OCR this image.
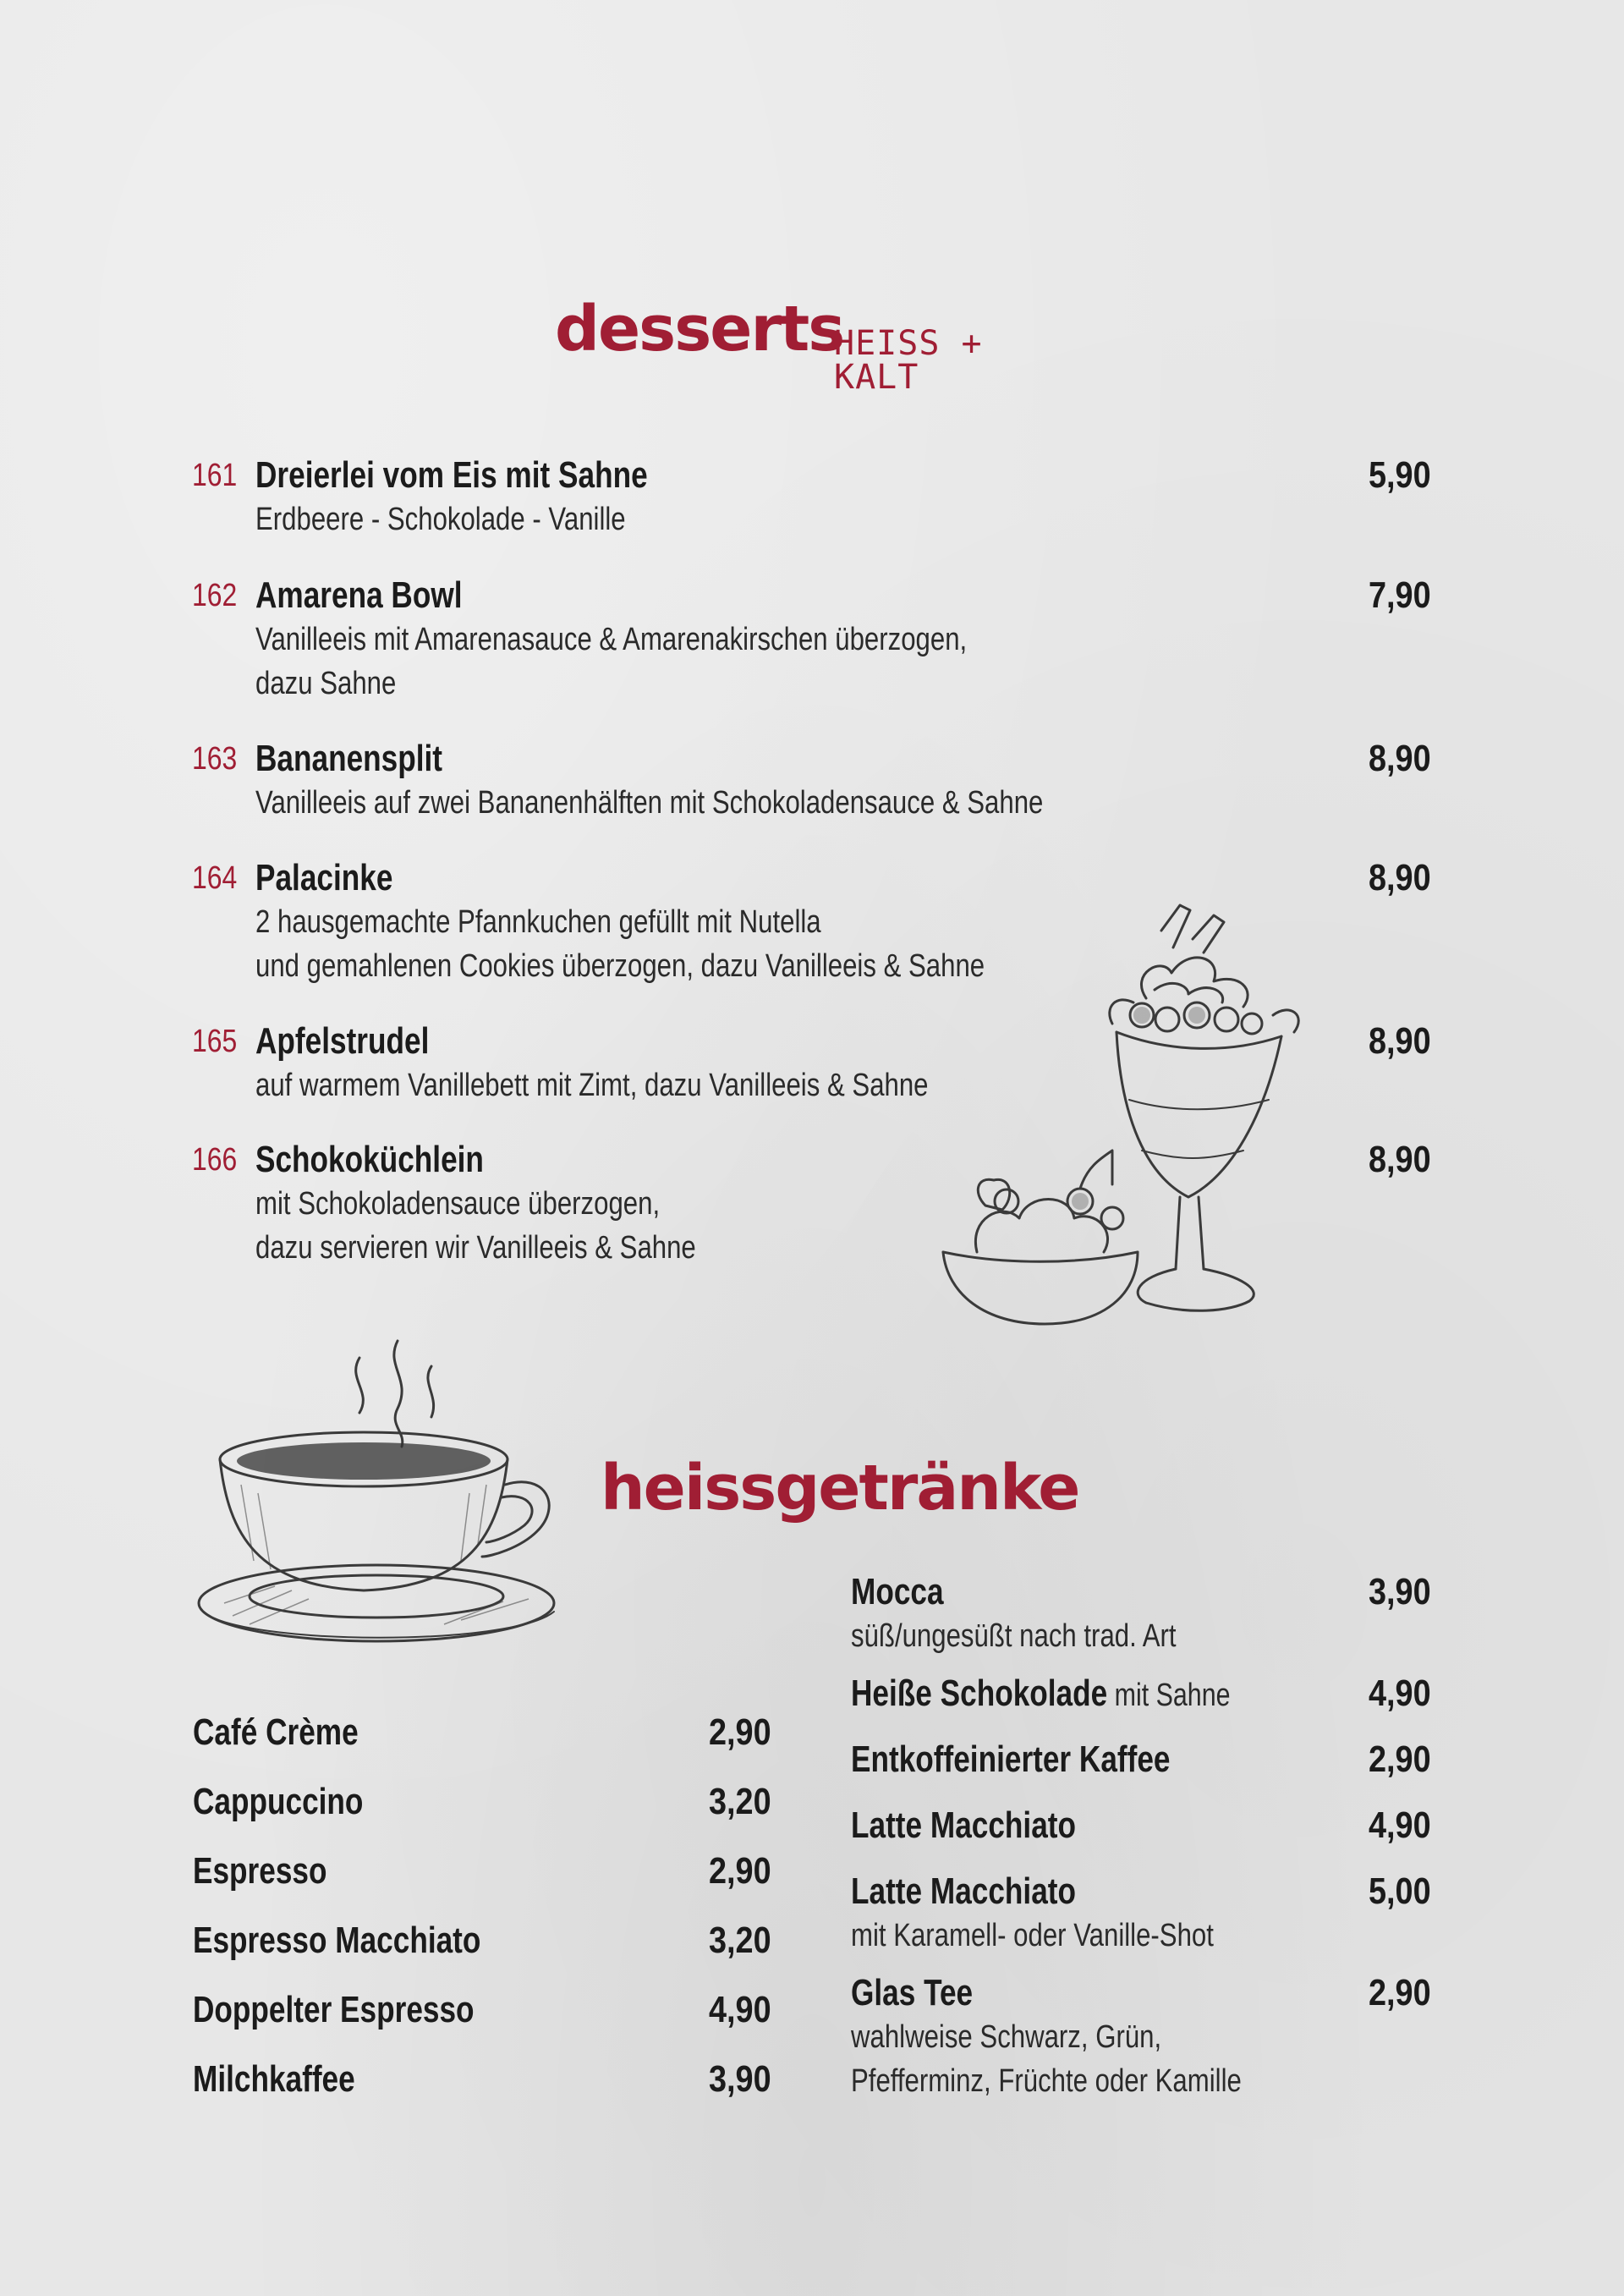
desserts
HEISS + KALT
161 Dreierlei vom Eis mit Sahne
Erdbeere - Schokolade - Vanille
5,90
162 Amarena Bowl
Vanilleeis mit Amarenasauce & Amarenakirschen überzogen,
dazu Sahne
7,90
163 Bananensplit
Vanilleeis auf zwei Bananenhälften mit Schokoladensauce & Sahne
8,90
164 Palacinke
2 hausgemachte Pfannkuchen gefüllt mit Nutella
und gemahlenen Cookies überzogen, dazu Vanilleeis & Sahne
8,90
165 Apfelstrudel
auf warmem Vanillebett mit Zimt, dazu Vanilleeis & Sahne
8,90
166 Schokoküchlein
mit Schokoladensauce überzogen,
dazu servieren wir Vanilleeis & Sahne
8,90
heissgetränke
Café Crème	2,90
Cappuccino	3,20
Espresso	2,90
Espresso Macchiato	3,20
Doppelter Espresso	4,90
Milchkaffee	3,90
Mocca	3,90
süß/ungesüßt nach trad. Art
Heiße Schokolade mit Sahne	4,90
Entkoffeinierter Kaffee	2,90
Latte Macchiato	4,90
Latte Macchiato	5,00
mit Karamell- oder Vanille-Shot
Glas Tee	2,90
wahlweise Schwarz, Grün,
Pfefferminz, Früchte oder Kamille
